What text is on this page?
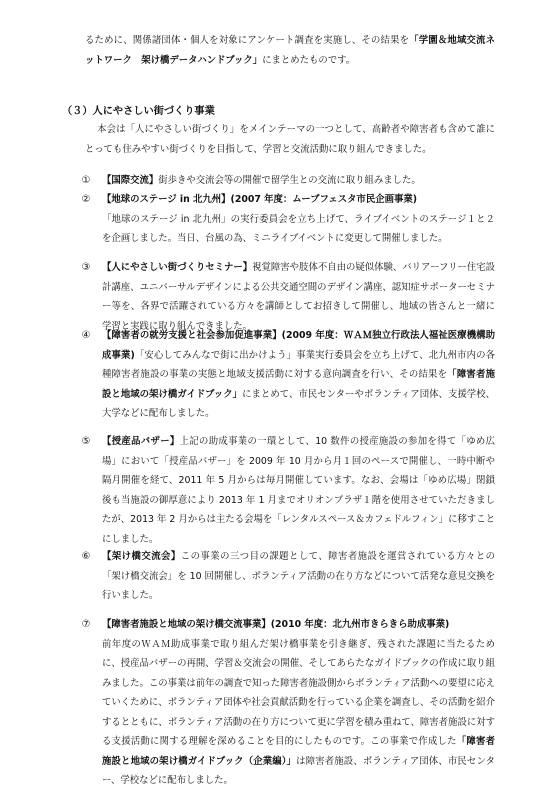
るために、関係諸団体・個人を対象にアンケート調査を実施し、その結果を「学園＆地域交流ネットワーク　架け橋データハンドブック」にまとめたものです。

（３）人にやさしい街づくり事業

本会は「人にやさしい街づくり」をメインテーマの一つとして、高齢者や障害者も含めて誰にとっても住みやすい街づくりを目指して、学習と交流活動に取り組んできました。

① 【国際交流】街歩きや交流会等の開催で留学生との交流に取り組みました。

② 【地球のステージ in 北九州】(2007 年度：ムーブフェスタ市民企画事業)
「地球のステージ in 北九州」の実行委員会を立ち上げて、ライブイベントのステージ１と２を企画しました。当日、台風の為、ミニライブイベントに変更して開催しました。

③ 【人にやさしい街づくりセミナー】視覚障害や肢体不自由の疑似体験、バリアーフリー住宅設計講座、ユニバーサルデザインによる公共交通空間のデザイン講座、認知症サポーターセミナー等を、各界で活躍されている方々を講師としてお招きして開催し、地域の皆さんと一緒に学習と実践に取り組んできました。

④ 【障害者の就労支援と社会参加促進事業】(2009 年度：ＷＡＭ独立行政法人福祉医療機構助成事業)「安心してみんなで街に出かけよう」事業実行委員会を立ち上げて、北九州市内の各種障害者施設の事業の実態と地域支援活動に対する意向調査を行い、その結果を「障害者施設と地域の架け橋ガイドブック」にまとめて、市民センターやボランティア団体、支援学校、大学などに配布しました。

⑤ 【授産品バザー】上記の助成事業の一環として、10 数件の授産施設の参加を得て「ゆめ広場」において「授産品バザー」を 2009 年 10 月から月１回のペースで開催し、一時中断や隔月開催を経て、2011 年 5 月からは毎月開催しています。なお、会場は「ゆめ広場」閉鎖後も当施設の御厚意により 2013 年 1 月までオリオンプラザ１階を使用させていただきましたが、2013 年 2 月からは主たる会場を「レンタルスペース＆カフェドルフィン」に移すことにしました。

⑥ 【架け橋交流会】この事業の三つ目の課題として、障害者施設を運営されている方々との「架け橋交流会」を 10 回開催し、ボランティア活動の在り方などについて活発な意見交換を行いました。

⑦ 【障害者施設と地域の架け橋交流事業】(2010 年度：北九州市きらきら助成事業)
前年度のＷＡＭ助成事業で取り組んだ架け橋事業を引き継ぎ、残された課題に当たるために、授産品バザーの再開、学習＆交流会の開催、そしてあらたなガイドブックの作成に取り組みました。この事業は前年の調査で知った障害者施設側からボランティア活動への要望に応えていくために、ボランティア団体や社会貢献活動を行っている企業を調査し、その活動を紹介するとともに、ボランティア活動の在り方について更に学習を積み重ねて、障害者施設に対する支援活動に関する理解を深めることを目的にしたものです。この事業で作成した「障害者施設と地域の架け橋ガイドブック（企業編）」は障害者施設、ボランティア団体、市民センター、学校などに配布しました。
